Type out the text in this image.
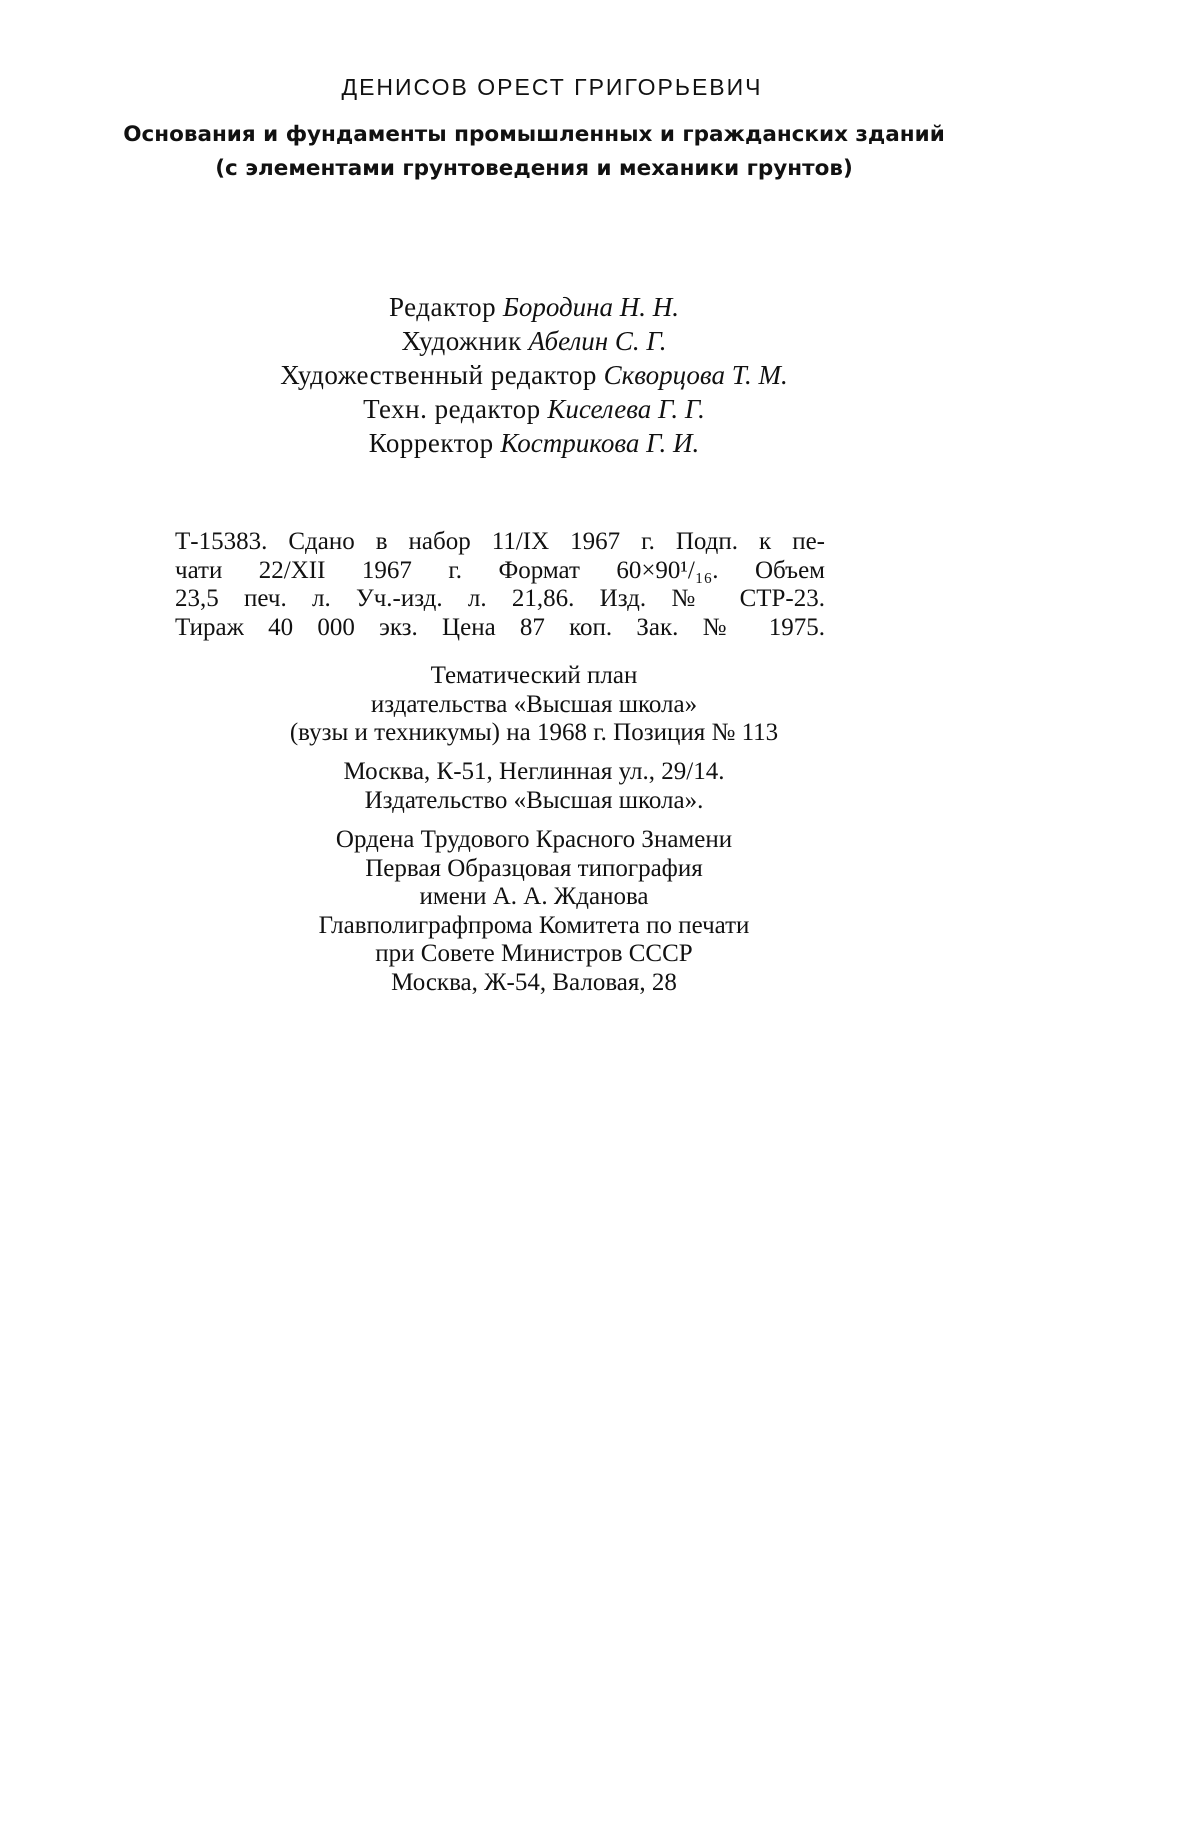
ДЕНИСОВ ОРЕСТ ГРИГОРЬЕВИЧ
Основания и фундаменты промышленных и гражданских зданий
(с элементами грунтоведения и механики грунтов)
Редактор Бородина Н. Н.
Художник Абелин С. Г.
Художественный редактор Скворцова Т. М.
Техн. редактор Киселева Г. Г.
Корректор Кострикова Г. И.

Т-15383. Сдано в набор 11/IX 1967 г. Подп. к пе-

чати 22/XII 1967 г. Формат 60×90¹/₁₆. Объем

23,5 печ. л. Уч.-изд. л. 21,86. Изд. № СТР-23.

Тираж 40 000 экз. Цена 87 коп. Зак. № 1975.

Тематический план

издательства «Высшая школа»

(вузы и техникумы) на 1968 г. Позиция № 113

Москва, К-51, Неглинная ул., 29/14.

Издательство «Высшая школа».

Ордена Трудового Красного Знамени

Первая Образцовая типография

имени А. А. Жданова

Главполиграфпрома Комитета по печати

при Совете Министров СССР

Москва, Ж-54, Валовая, 28
